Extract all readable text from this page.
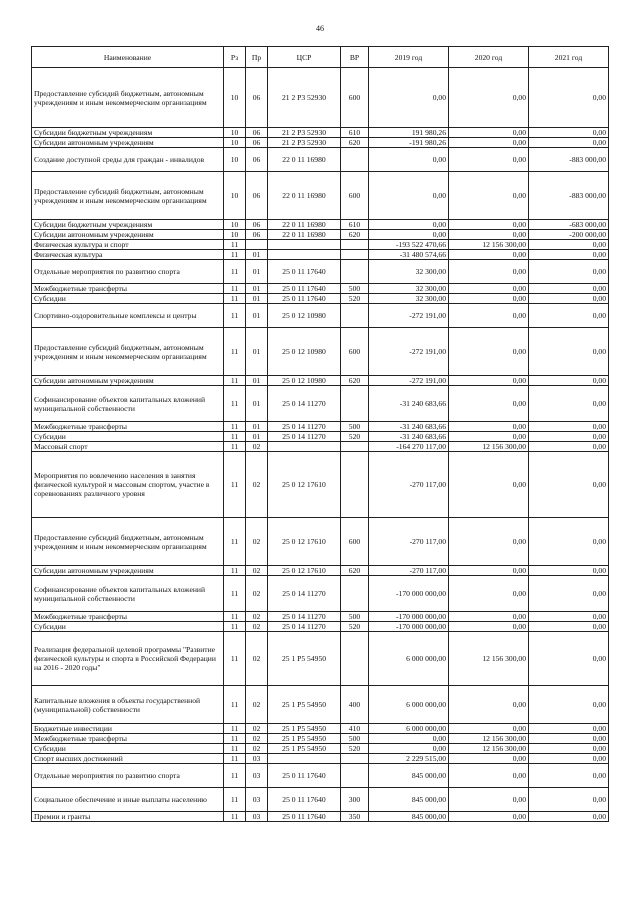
46
Наименование	Рз	Пр	ЦСР	ВР	2019 год	2020 год	2021 год
Предоставление субсидий бюджетным, автономным учреждениям и иным некоммерческим организациям	10	06	21 2 P3 52930	600	0,00	0,00	0,00
Субсидии бюджетным учреждениям	10	06	21 2 P3 52930	610	191 980,26	0,00	0,00
Субсидии автономным учреждениям	10	06	21 2 P3 52930	620	-191 980,26	0,00	0,00
Создание доступной среды для граждан - инвалидов	10	06	22 0 11 16980		0,00	0,00	-883 000,00
Предоставление субсидий бюджетным, автономным учреждениям и иным некоммерческим организациям	10	06	22 0 11 16980	600	0,00	0,00	-883 000,00
Субсидии бюджетным учреждениям	10	06	22 0 11 16980	610	0,00	0,00	-683 000,00
Субсидии автономным учреждениям	10	06	22 0 11 16980	620	0,00	0,00	-200 000,00
Физическая культура и спорт	11				-193 522 470,66	12 156 300,00	0,00
Физическая культура	11	01			-31 480 574,66	0,00	0,00
Отдельные мероприятия по развитию спорта	11	01	25 0 11 17640		32 300,00	0,00	0,00
Межбюджетные трансферты	11	01	25 0 11 17640	500	32 300,00	0,00	0,00
Субсидии	11	01	25 0 11 17640	520	32 300,00	0,00	0,00
Спортивно-оздоровительные комплексы и центры	11	01	25 0 12 10980		-272 191,00	0,00	0,00
Предоставление субсидий бюджетным, автономным учреждениям и иным некоммерческим организациям	11	01	25 0 12 10980	600	-272 191,00	0,00	0,00
Субсидии автономным учреждениям	11	01	25 0 12 10980	620	-272 191,00	0,00	0,00
Софинансирование объектов капитальных вложений муниципальной собственности	11	01	25 0 14 11270		-31 240 683,66	0,00	0,00
Межбюджетные трансферты	11	01	25 0 14 11270	500	-31 240 683,66	0,00	0,00
Субсидии	11	01	25 0 14 11270	520	-31 240 683,66	0,00	0,00
Массовый спорт	11	02			-164 270 117,00	12 156 300,00	0,00
Мероприятия по вовлечению населения в занятия физической культурой и массовым спортом, участие в соревнованиях различного уровня	11	02	25 0 12 17610		-270 117,00	0,00	0,00
Предоставление субсидий бюджетным, автономным учреждениям и иным некоммерческим организациям	11	02	25 0 12 17610	600	-270 117,00	0,00	0,00
Субсидии автономным учреждениям	11	02	25 0 12 17610	620	-270 117,00	0,00	0,00
Софинансирование объектов капитальных вложений муниципальной собственности	11	02	25 0 14 11270		-170 000 000,00	0,00	0,00
Межбюджетные трансферты	11	02	25 0 14 11270	500	-170 000 000,00	0,00	0,00
Субсидии	11	02	25 0 14 11270	520	-170 000 000,00	0,00	0,00
Реализация федеральной целевой программы "Развитие физической культуры и спорта в Российской Федерации на 2016 - 2020 годы"	11	02	25 1 P5 54950		6 000 000,00	12 156 300,00	0,00
Капитальные вложения в объекты государственной (муниципальной) собственности	11	02	25 1 P5 54950	400	6 000 000,00	0,00	0,00
Бюджетные инвестиции	11	02	25 1 P5 54950	410	6 000 000,00	0,00	0,00
Межбюджетные трансферты	11	02	25 1 P5 54950	500	0,00	12 156 300,00	0,00
Субсидии	11	02	25 1 P5 54950	520	0,00	12 156 300,00	0,00
Спорт высших достижений	11	03			2 229 515,00	0,00	0,00
Отдельные мероприятия по развитию спорта	11	03	25 0 11 17640		845 000,00	0,00	0,00
Социальное обеспечение и иные выплаты населению	11	03	25 0 11 17640	300	845 000,00	0,00	0,00
Премии и гранты	11	03	25 0 11 17640	350	845 000,00	0,00	0,00
